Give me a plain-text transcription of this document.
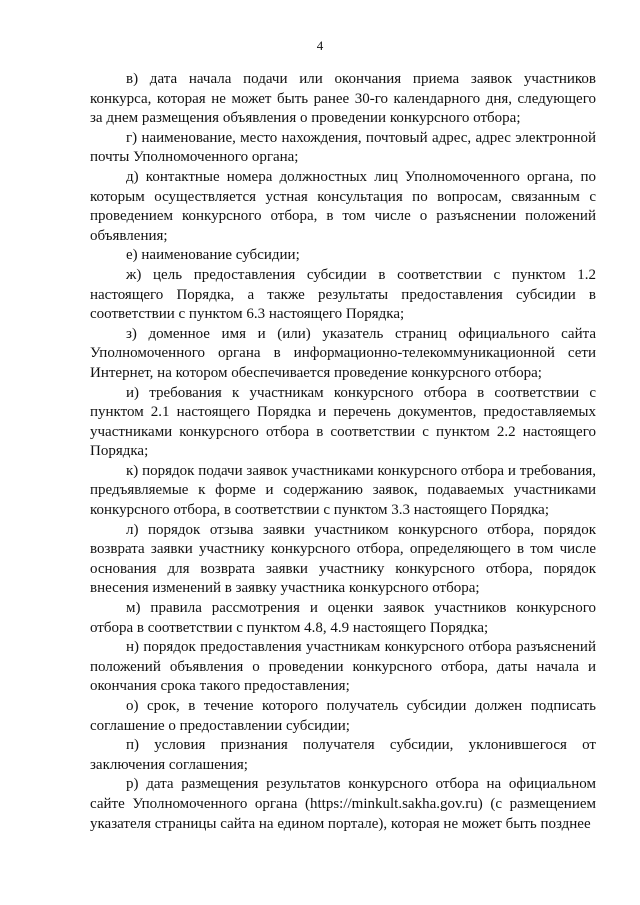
4

в) дата начала подачи или окончания приема заявок участников конкурса, которая не может быть ранее 30-го календарного дня, следующего за днем размещения объявления о проведении конкурсного отбора;

г) наименование, место нахождения, почтовый адрес, адрес электронной почты Уполномоченного органа;

д) контактные номера должностных лиц Уполномоченного органа, по которым осуществляется устная консультация по вопросам, связанным с проведением конкурсного отбора, в том числе о разъяснении положений объявления;

е) наименование субсидии;

ж) цель предоставления субсидии в соответствии с пунктом 1.2 настоящего Порядка, а также результаты предоставления субсидии в соответствии с пунктом 6.3 настоящего Порядка;

з) доменное имя и (или) указатель страниц официального сайта Уполномоченного органа в информационно-телекоммуникационной сети Интернет, на котором обеспечивается проведение конкурсного отбора;

и) требования к участникам конкурсного отбора в соответствии с пунктом 2.1 настоящего Порядка и перечень документов, предоставляемых участниками конкурсного отбора в соответствии с пунктом 2.2 настоящего Порядка;

к) порядок подачи заявок участниками конкурсного отбора и требования, предъявляемые к форме и содержанию заявок, подаваемых участниками конкурсного отбора, в соответствии с пунктом 3.3 настоящего Порядка;

л) порядок отзыва заявки участником конкурсного отбора, порядок возврата заявки участнику конкурсного отбора, определяющего в том числе основания для возврата заявки участнику конкурсного отбора, порядок внесения изменений в заявку участника конкурсного отбора;

м) правила рассмотрения и оценки заявок участников конкурсного отбора в соответствии с пунктом 4.8, 4.9 настоящего Порядка;

н) порядок предоставления участникам конкурсного отбора разъяснений положений объявления о проведении конкурсного отбора, даты начала и окончания срока такого предоставления;

о) срок, в течение которого получатель субсидии должен подписать соглашение о предоставлении субсидии;

п) условия признания получателя субсидии, уклонившегося от заключения соглашения;

р) дата размещения результатов конкурсного отбора на официальном сайте Уполномоченного органа (https://minkult.sakha.gov.ru) (с размещением указателя страницы сайта на едином портале), которая не может быть позднее
